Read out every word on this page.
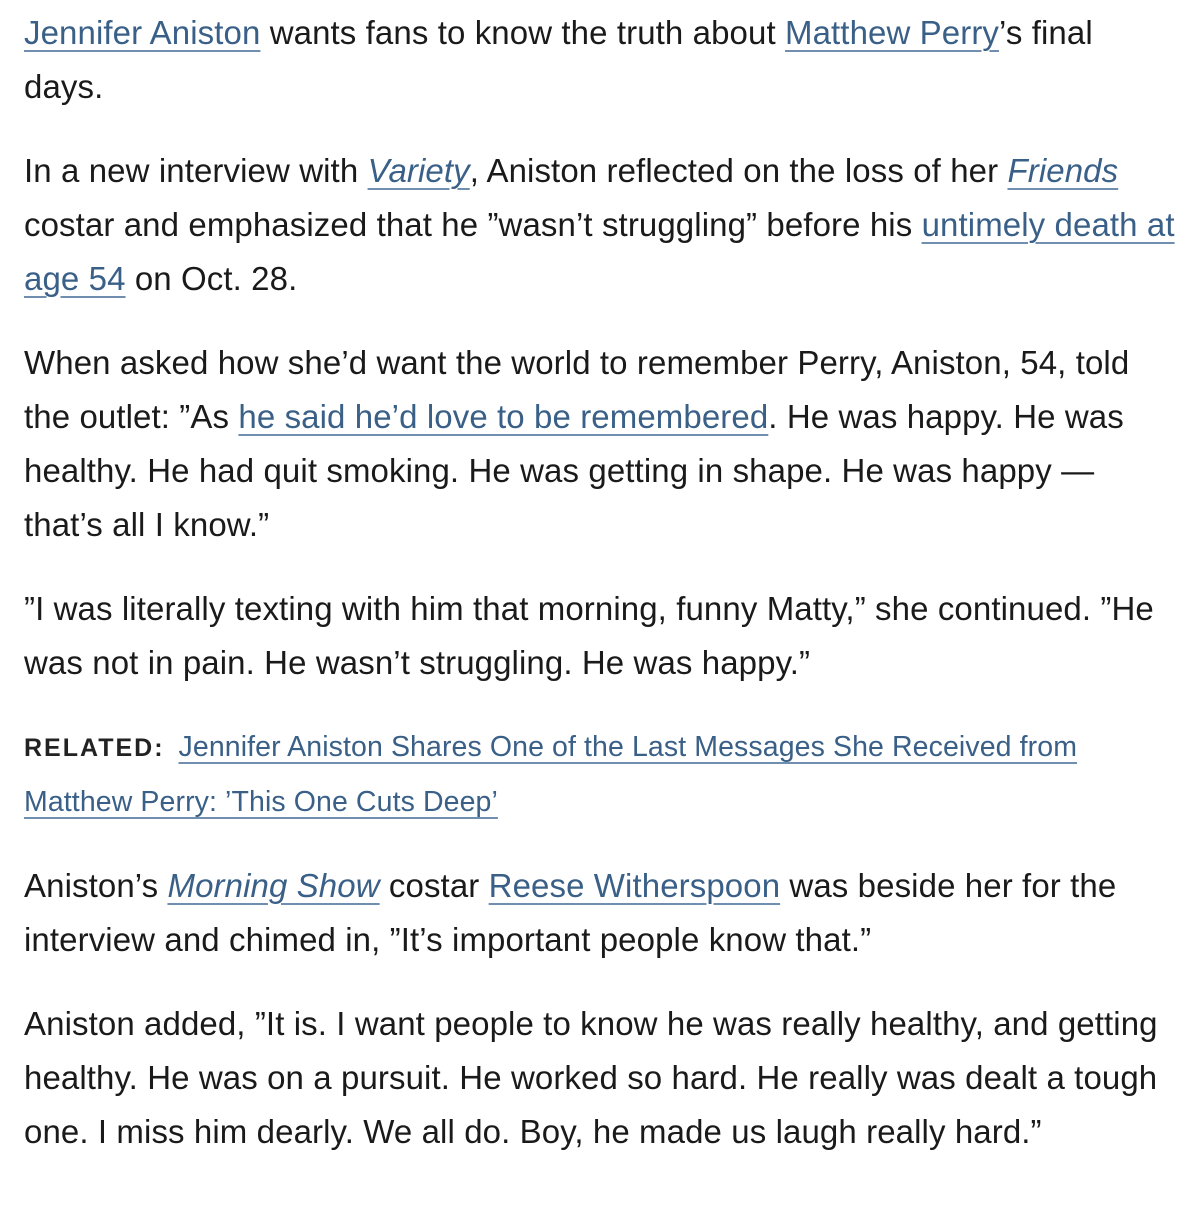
Jennifer Aniston wants fans to know the truth about Matthew Perry’s final days.

In a new interview with Variety, Aniston reflected on the loss of her Friends costar and emphasized that he ”wasn’t struggling” before his untimely death at age 54 on Oct. 28.

When asked how she’d want the world to remember Perry, Aniston, 54, told the outlet: ”As he said he’d love to be remembered. He was happy. He was healthy. He had quit smoking. He was getting in shape. He was happy — that’s all I know.”

”I was literally texting with him that morning, funny Matty,” she continued. ”He was not in pain. He wasn’t struggling. He was happy.”

RELATED: Jennifer Aniston Shares One of the Last Messages She Received from Matthew Perry: ’This One Cuts Deep’

Aniston’s Morning Show costar Reese Witherspoon was beside her for the interview and chimed in, ”It’s important people know that.”

Aniston added, ”It is. I want people to know he was really healthy, and getting healthy. He was on a pursuit. He worked so hard. He really was dealt a tough one. I miss him dearly. We all do. Boy, he made us laugh really hard.”
